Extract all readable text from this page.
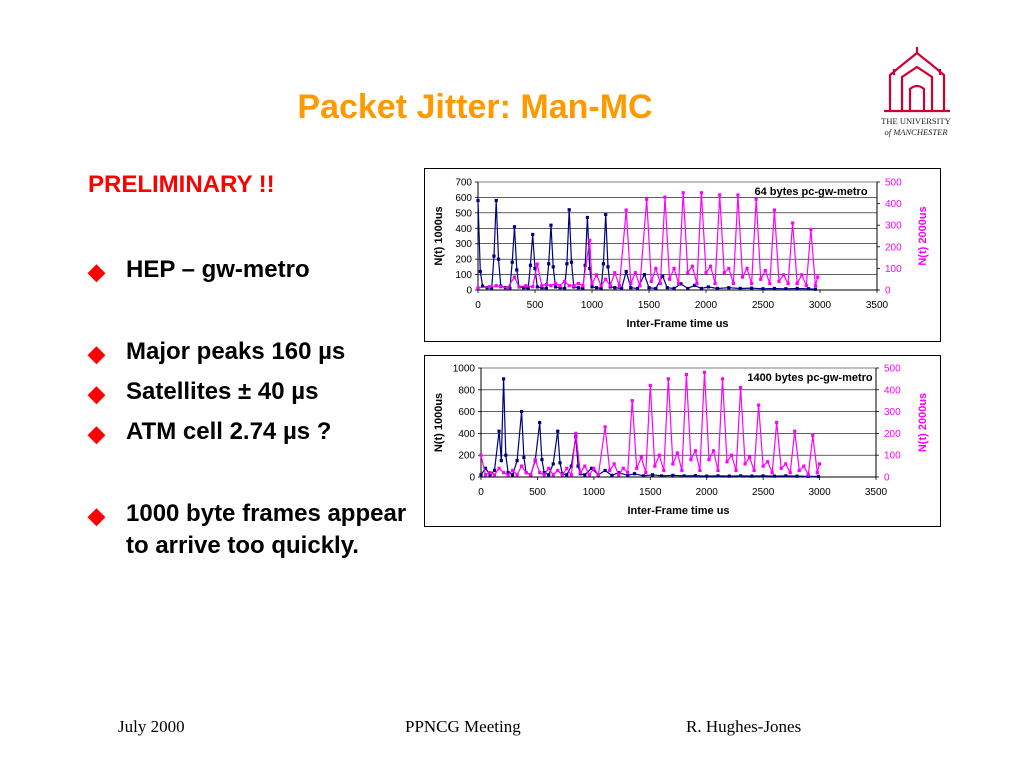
Packet Jitter: Man-MC	THE UNIVERSITY
of MANCHESTER
PRELIMINARY !!
◆ HEP – gw-metro
◆ Major peaks 160 µs
◆ Satellites ± 40 µs
◆ ATM cell 2.74 µs ?
◆ 1000 byte frames appear to arrive too quickly.
0
100
200
300
400
500
600
700
0
100
200
300
400
500
0	500	1000	1500	2000	2500	3000	3500
64 bytes pc-gw-metro
Inter-Frame time us
N(t) 1000us	N(t) 2000us
0
200
400
600
800
1000
0
100
200
300
400
500
0	500	1000	1500	2000	2500	3000	3500
1400 bytes pc-gw-metro
Inter-Frame time us
N(t) 1000us	N(t) 2000us
July 2000	PPNCG Meeting	R. Hughes-Jones
